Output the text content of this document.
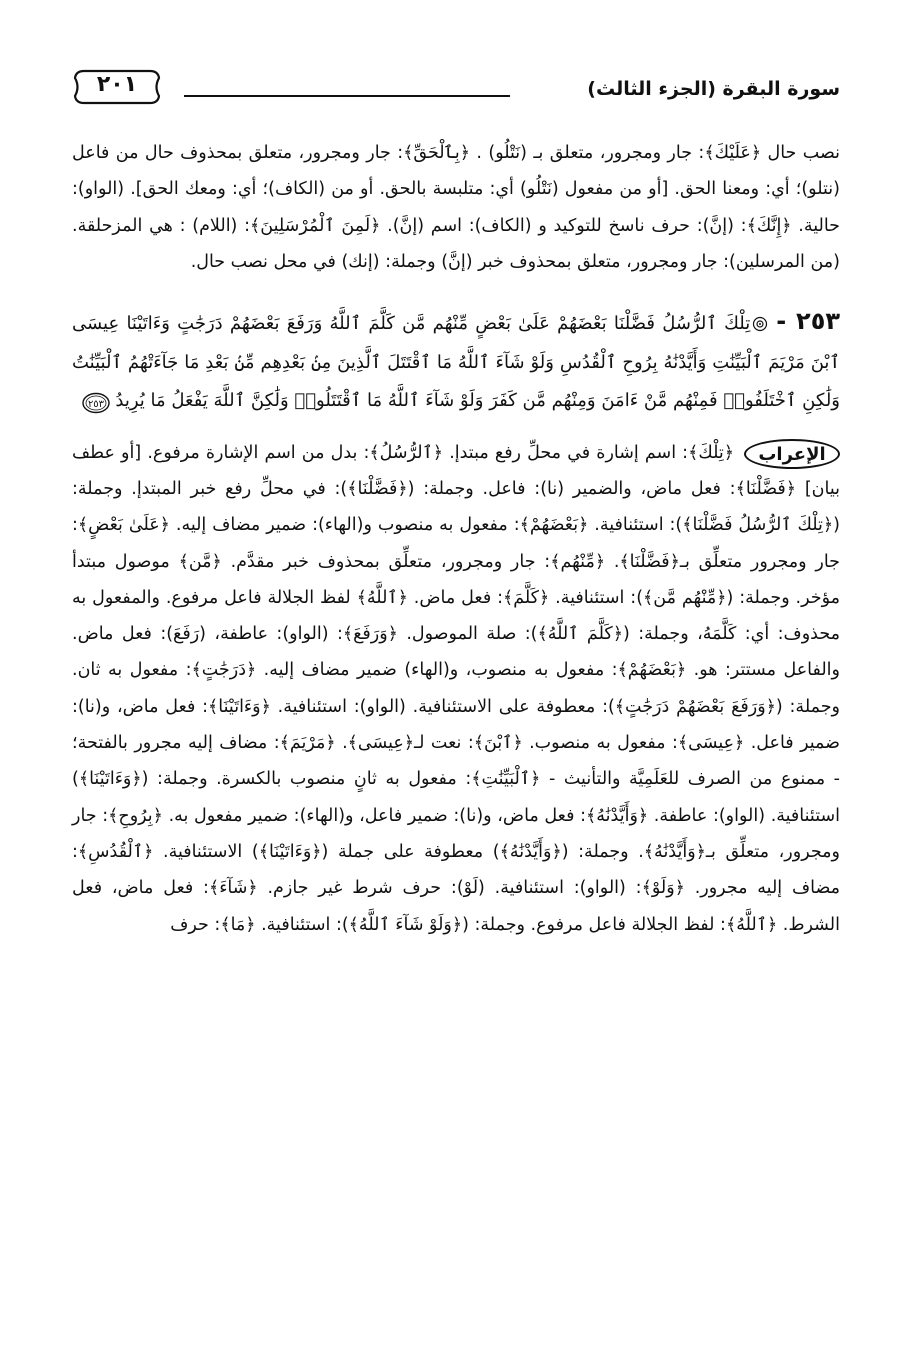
سورة البقرة (الجزء الثالث)
٢٠١

نصب حال ﴿عَلَيْكَ﴾: جار ومجرور، متعلق بـ (نَتْلُو) . ﴿بِٱلْحَقِّ﴾: جار ومجرور، متعلق بمحذوف حال من فاعل (نتلو)؛ أي: ومعنا الحق. [أو من مفعول (نَتْلُو) أي: متلبسة بالحق. أو من (الكاف)؛ أي: ومعك الحق]. (الواو): حالية. ﴿إِنَّكَ﴾: (إنَّ): حرف ناسخ للتوكيد و (الكاف): اسم (إنَّ). ﴿لَمِنَ ٱلْمُرْسَلِينَ﴾: (اللام) : هي المزحلقة. (من المرسلين): جار ومجرور، متعلق بمحذوف خبر (إنَّ) وجملة: (إنك) في محل نصب حال.

٢٥٣ -تِلْكَ ٱلرُّسُلُ فَضَّلْنَا بَعْضَهُمْ عَلَىٰ بَعْضٍ مِّنْهُم مَّن كَلَّمَ ٱللَّهُ وَرَفَعَ بَعْضَهُمْ دَرَجَٰتٍ وَءَاتَيْنَا عِيسَى ٱبْنَ مَرْيَمَ ٱلْبَيِّنَٰتِ وَأَيَّدْنَٰهُ بِرُوحِ ٱلْقُدُسِ وَلَوْ شَآءَ ٱللَّهُ مَا ٱقْتَتَلَ ٱلَّذِينَ مِنۢ بَعْدِهِم مِّنۢ بَعْدِ مَا جَآءَتْهُمُ ٱلْبَيِّنَٰتُ وَلَٰكِنِ ٱخْتَلَفُوا۟ فَمِنْهُم مَّنْ ءَامَنَ وَمِنْهُم مَّن كَفَرَ وَلَوْ شَآءَ ٱللَّهُ مَا ٱقْتَتَلُوا۟ وَلَٰكِنَّ ٱللَّهَ يَفْعَلُ مَا يُرِيدُ
٢٥٣
الإعراب

﴿تِلْكَ﴾: اسم إشارة في محلِّ رفع مبتدإ. ﴿ٱلرُّسُلُ﴾: بدل من اسم الإشارة مرفوع. [أو عطف بيان] ﴿فَضَّلْنَا﴾: فعل ماض، والضمير (نا): فاعل. وجملة: (﴿فَضَّلْنَا﴾): في محلِّ رفع خبر المبتدإ. وجملة: (﴿تِلْكَ ٱلرُّسُلُ فَضَّلْنَا﴾): استئنافية. ﴿بَعْضَهُمْ﴾: مفعول به منصوب و(الهاء): ضمير مضاف إليه. ﴿عَلَىٰ بَعْضٍ﴾: جار ومجرور متعلِّق بـ﴿فَضَّلْنَا﴾. ﴿مِّنْهُم﴾: جار ومجرور، متعلِّق بمحذوف خبر مقدَّم. ﴿مَّن﴾ موصول مبتدأ مؤخر. وجملة: (﴿مِّنْهُم مَّن﴾): استئنافية. ﴿كَلَّمَ﴾: فعل ماض. ﴿ٱللَّهُ﴾ لفظ الجلالة فاعل مرفوع. والمفعول به محذوف: أي: كَلَّمَهُ، وجملة: (﴿كَلَّمَ ٱللَّهُ﴾): صلة الموصول. ﴿وَرَفَعَ﴾: (الواو): عاطفة، (رَفَعَ): فعل ماض. والفاعل مستتر: هو. ﴿بَعْضَهُمْ﴾: مفعول به منصوب، و(الهاء) ضمير مضاف إليه. ﴿دَرَجَٰتٍ﴾: مفعول به ثان. وجملة: (﴿وَرَفَعَ بَعْضَهُمْ دَرَجَٰتٍ﴾): معطوفة على الاستئنافية. (الواو): استئنافية. ﴿وَءَاتَيْنَا﴾: فعل ماض، و(نا): ضمير فاعل. ﴿عِيسَى﴾: مفعول به منصوب. ﴿ٱبْنَ﴾: نعت لـ﴿عِيسَى﴾. ﴿مَرْيَمَ﴾: مضاف إليه مجرور بالفتحة؛ - ممنوع من الصرف للعَلَمِيَّة والتأنيث - ﴿ٱلْبَيِّنَٰتِ﴾: مفعول به ثانٍ منصوب بالكسرة. وجملة: (﴿وَءَاتَيْنَا﴾) استئنافية. (الواو): عاطفة. ﴿وَأَيَّدْنَٰهُ﴾: فعل ماض، و(نا): ضمير فاعل، و(الهاء): ضمير مفعول به. ﴿بِرُوحِ﴾: جار ومجرور، متعلِّق بـ﴿وَأَيَّدْنَٰهُ﴾. وجملة: (﴿وَأَيَّدْنَٰهُ﴾) معطوفة على جملة (﴿وَءَاتَيْنَا﴾) الاستئنافية. ﴿ٱلْقُدُسِ﴾: مضاف إليه مجرور. ﴿وَلَوْ﴾: (الواو): استئنافية. (لَوْ): حرف شرط غير جازم. ﴿شَآءَ﴾: فعل ماض، فعل الشرط. ﴿ٱللَّهُ﴾: لفظ الجلالة فاعل مرفوع. وجملة: (﴿وَلَوْ شَآءَ ٱللَّهُ﴾): استئنافية. ﴿مَا﴾: حرف
